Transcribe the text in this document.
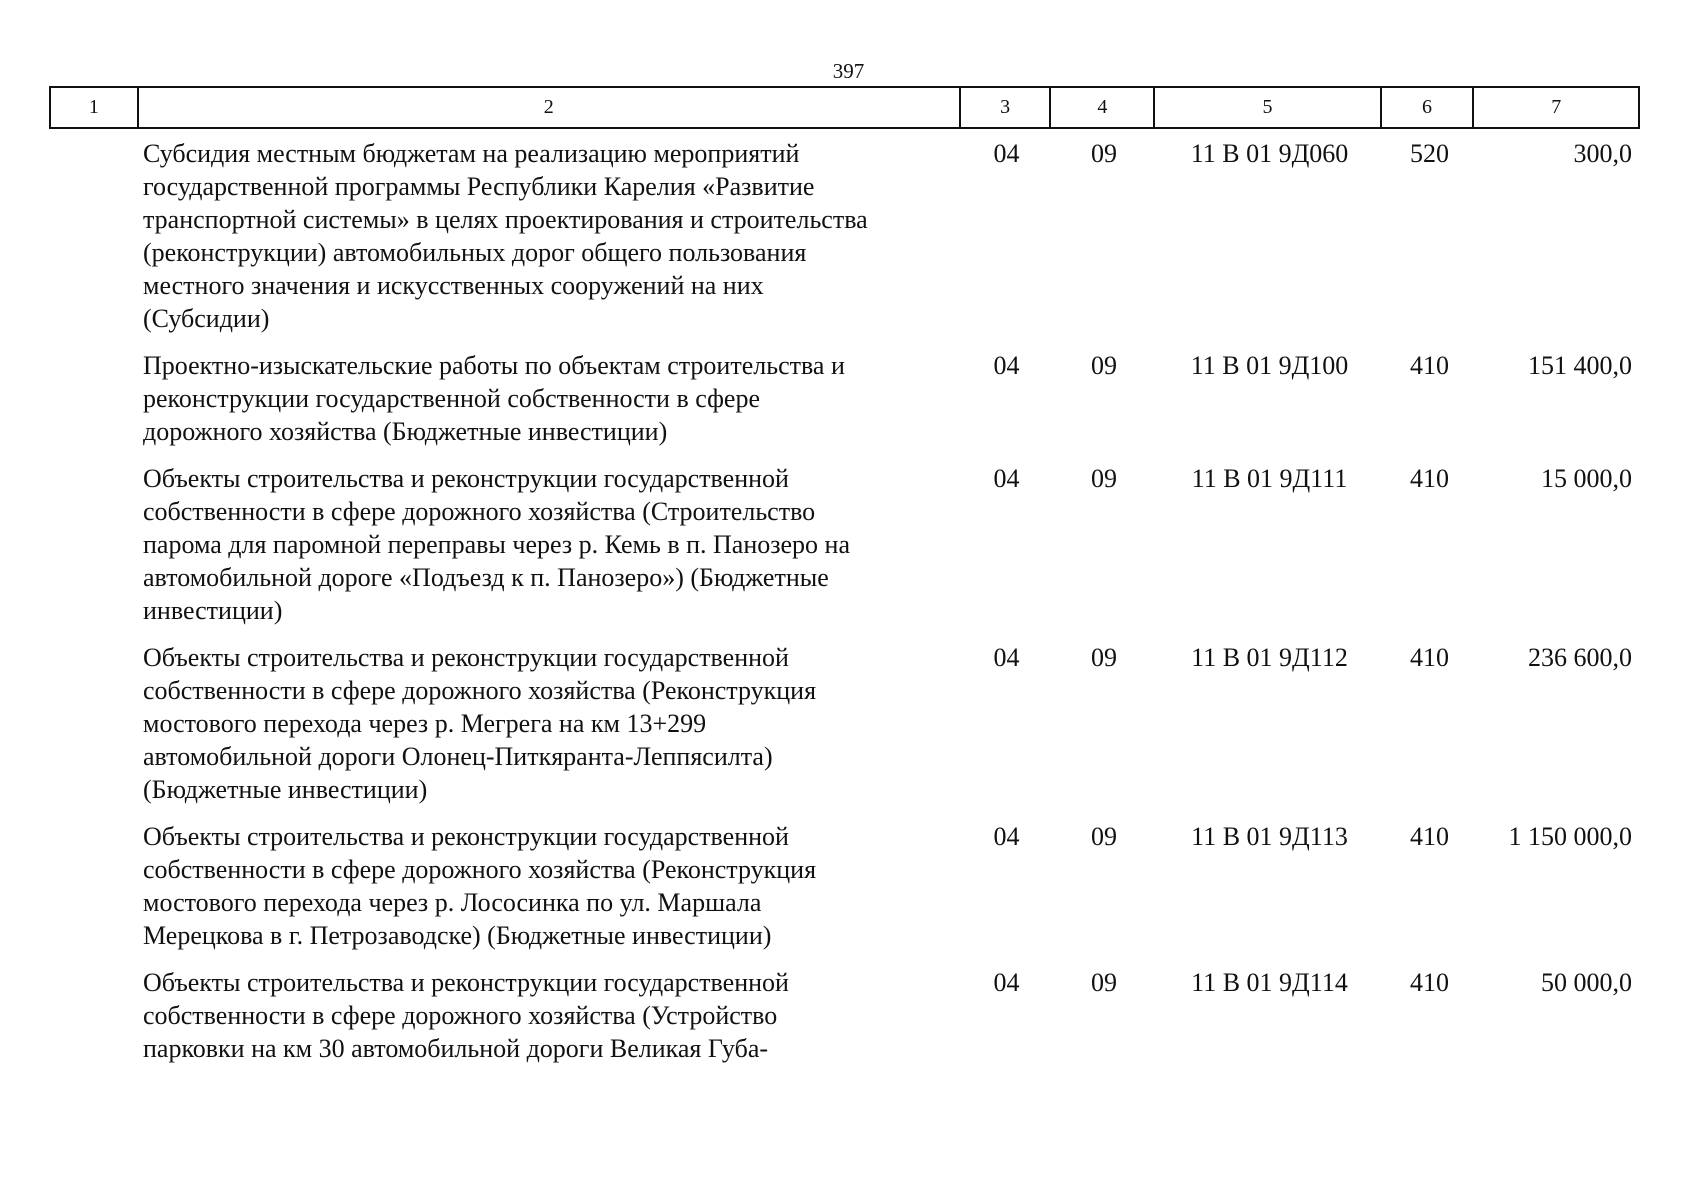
397
1	2	3	4	5	6	7
Субсидия местным бюджетам на реализацию мероприятий
государственной программы Республики Карелия «Развитие
транспортной системы» в целях проектирования и строительства
(реконструкции) автомобильных дорог общего пользования
местного значения и искусственных сооружений на них
(Субсидии)
04	09	11 В 01 9Д060	520	300,0
Проектно-изыскательские работы по объектам строительства и
реконструкции государственной собственности в сфере
дорожного хозяйства (Бюджетные инвестиции)
04	09	11 В 01 9Д100	410	151 400,0
Объекты строительства и реконструкции государственной
собственности в сфере дорожного хозяйства (Строительство
парома для паромной переправы через р. Кемь в п. Панозеро на
автомобильной дороге «Подъезд к п. Панозеро») (Бюджетные
инвестиции)
04	09	11 В 01 9Д111	410	15 000,0
Объекты строительства и реконструкции государственной
собственности в сфере дорожного хозяйства (Реконструкция
мостового перехода через р. Мегрега на км 13+299
автомобильной дороги Олонец-Питкяранта-Леппясилта)
(Бюджетные инвестиции)
04	09	11 В 01 9Д112	410	236 600,0
Объекты строительства и реконструкции государственной
собственности в сфере дорожного хозяйства (Реконструкция
мостового перехода через р. Лососинка по ул. Маршала
Мерецкова в г. Петрозаводске) (Бюджетные инвестиции)
04	09	11 В 01 9Д113	410	1 150 000,0
Объекты строительства и реконструкции государственной
собственности в сфере дорожного хозяйства (Устройство
парковки на км 30 автомобильной дороги Великая Губа-
04	09	11 В 01 9Д114	410	50 000,0
